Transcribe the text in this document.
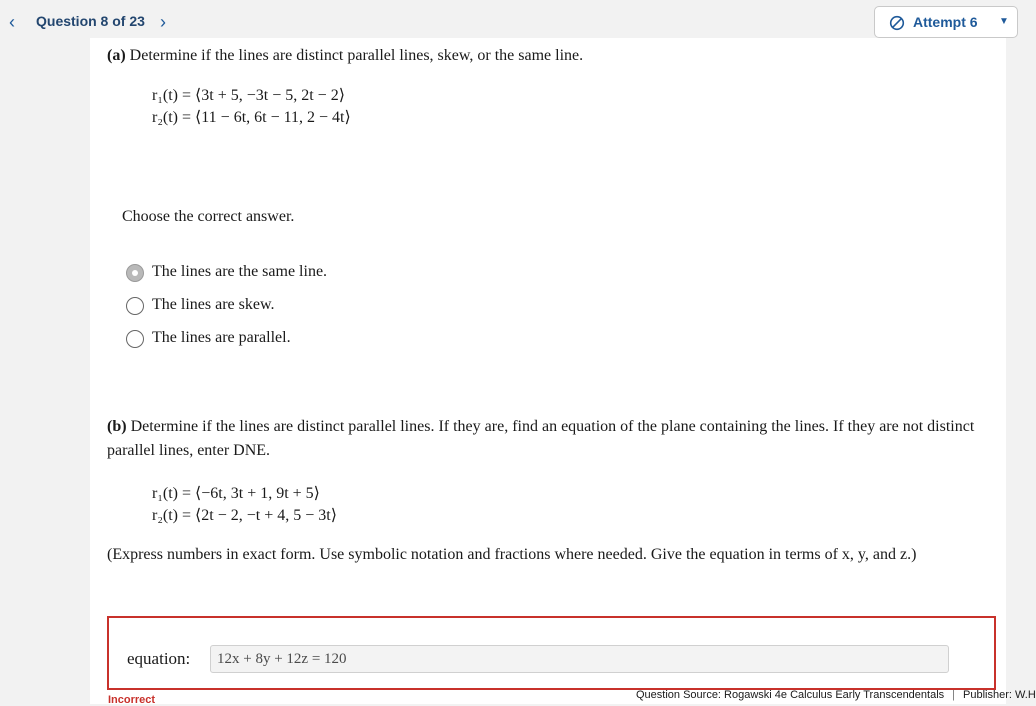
‹	Question 8 of 23 ›	Attempt 6 ▼
(a) Determine if the lines are distinct parallel lines, skew, or the same line.
r₁(t) = ⟨3t + 5, −3t − 5, 2t − 2⟩
r₂(t) = ⟨11 − 6t, 6t − 11, 2 − 4t⟩
Choose the correct answer.
The lines are the same line.
The lines are skew.
The lines are parallel.
(b) Determine if the lines are distinct parallel lines. If they are, find an equation of the plane containing the lines. If they are not distinct parallel lines, enter DNE.
r₁(t) = ⟨−6t, 3t + 1, 9t + 5⟩
r₂(t) = ⟨2t − 2, −t + 4, 5 − 3t⟩
(Express numbers in exact form. Use symbolic notation and fractions where needed. Give the equation in terms of x, y, and z.)
equation:	12x + 8y + 12z = 120
Incorrect	Question Source: Rogawski 4e Calculus Early Transcendentals | Publisher: W.H
